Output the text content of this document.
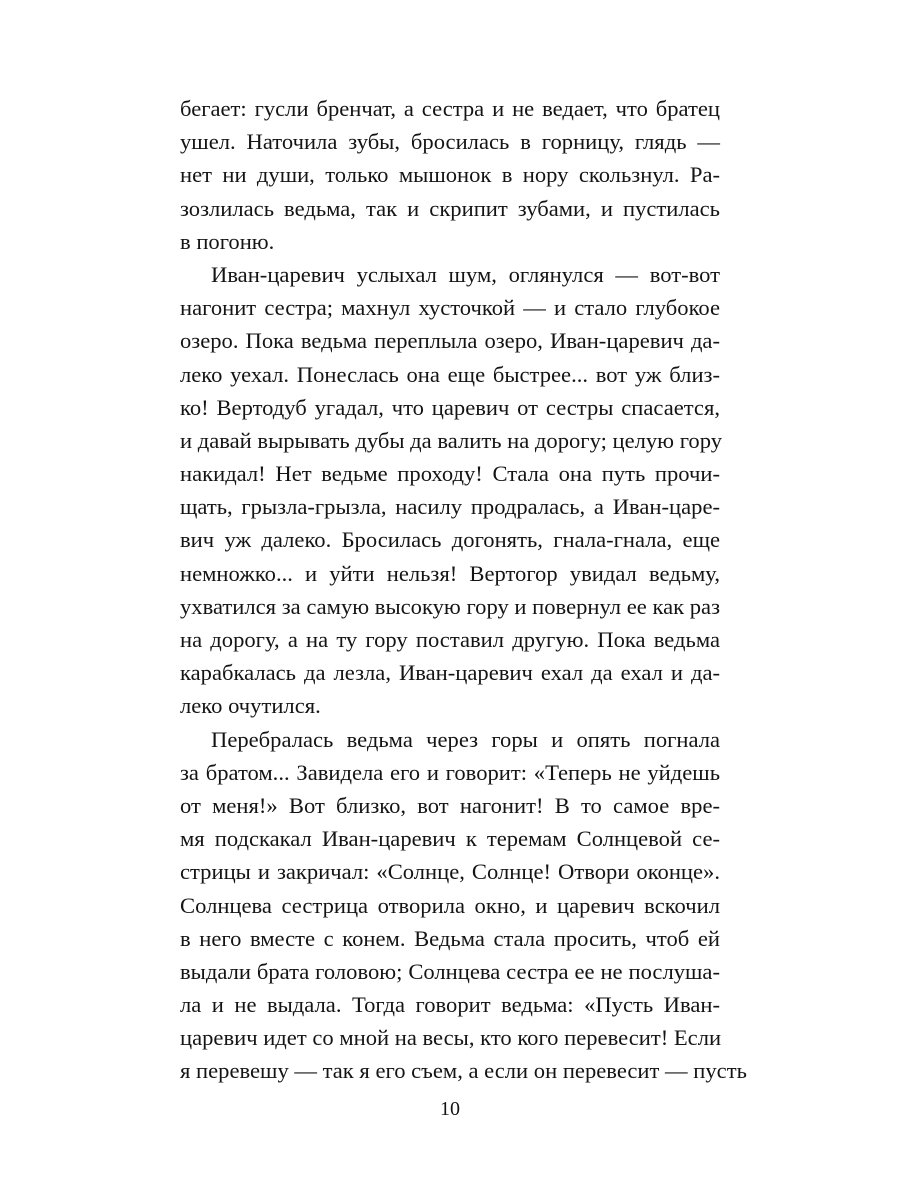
бегает: гусли бренчат, а сестра и не ведает, что братец
ушел. Наточила зубы, бросилась в горницу, глядь —
нет ни души, только мышонок в нору скользнул. Ра-
зозлилась ведьма, так и скрипит зубами, и пустилась
в погоню.
Иван-царевич услыхал шум, оглянулся — вот-вот
нагонит сестра; махнул хусточкой — и стало глубокое
озеро. Пока ведьма переплыла озеро, Иван-царевич да-
леко уехал. Понеслась она еще быстрее... вот уж близ-
ко! Вертодуб угадал, что царевич от сестры спасается,
и давай вырывать дубы да валить на дорогу; целую гору
накидал! Нет ведьме проходу! Стала она путь прочи-
щать, грызла-грызла, насилу продралась, а Иван-царе-
вич уж далеко. Бросилась догонять, гнала-гнала, еще
немножко... и уйти нельзя! Вертогор увидал ведьму,
ухватился за самую высокую гору и повернул ее как раз
на дорогу, а на ту гору поставил другую. Пока ведьма
карабкалась да лезла, Иван-царевич ехал да ехал и да-
леко очутился.
Перебралась ведьма через горы и опять погнала
за братом... Завидела его и говорит: «Теперь не уйдешь
от меня!» Вот близко, вот нагонит! В то самое вре-
мя подскакал Иван-царевич к теремам Солнцевой се-
стрицы и закричал: «Солнце, Солнце! Отвори оконце».
Солнцева сестрица отворила окно, и царевич вскочил
в него вместе с конем. Ведьма стала просить, чтоб ей
выдали брата головою; Солнцева сестра ее не послуша-
ла и не выдала. Тогда говорит ведьма: «Пусть Иван-
царевич идет со мной на весы, кто кого перевесит! Если
я перевешу — так я его съем, а если он перевесит — пусть
10
